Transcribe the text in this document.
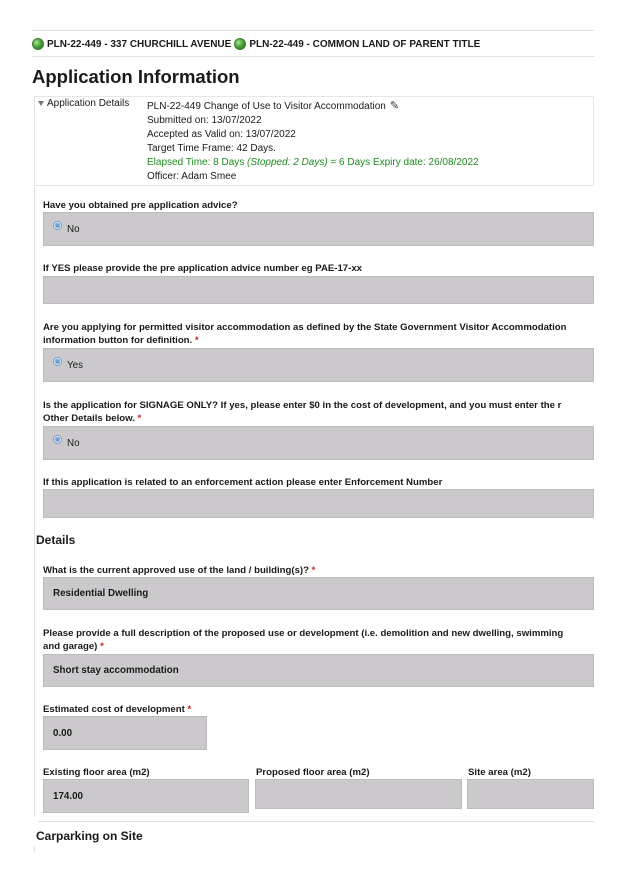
PLN-22-449 - 337 CHURCHILL AVENUE PLN-22-449 - COMMON LAND OF PARENT TITLE
Application Information
Application Details PLN-22-449 Change of Use to Visitor Accommodation ✎
Submitted on: 13/07/2022
Accepted as Valid on: 13/07/2022
Target Time Frame: 42 Days.
Elapsed Time: 8 Days (Stopped: 2 Days) = 6 Days Expiry date: 26/08/2022
Officer: Adam Smee
Have you obtained pre application advice?
No
If YES please provide the pre application advice number eg PAE-17-xx
Are you applying for permitted visitor accommodation as defined by the State Government Visitor Accommodation
information button for definition. *
Yes
Is the application for SIGNAGE ONLY? If yes, please enter $0 in the cost of development, and you must enter the r
Other Details below. *
No
If this application is related to an enforcement action please enter Enforcement Number
Details
What is the current approved use of the land / building(s)? *
Residential Dwelling
Please provide a full description of the proposed use or development (i.e. demolition and new dwelling, swimming
and garage) *
Short stay accommodation
Estimated cost of development *
0.00
Existing floor area (m2)	Proposed floor area (m2)	Site area (m2)
174.00
Carparking on Site
